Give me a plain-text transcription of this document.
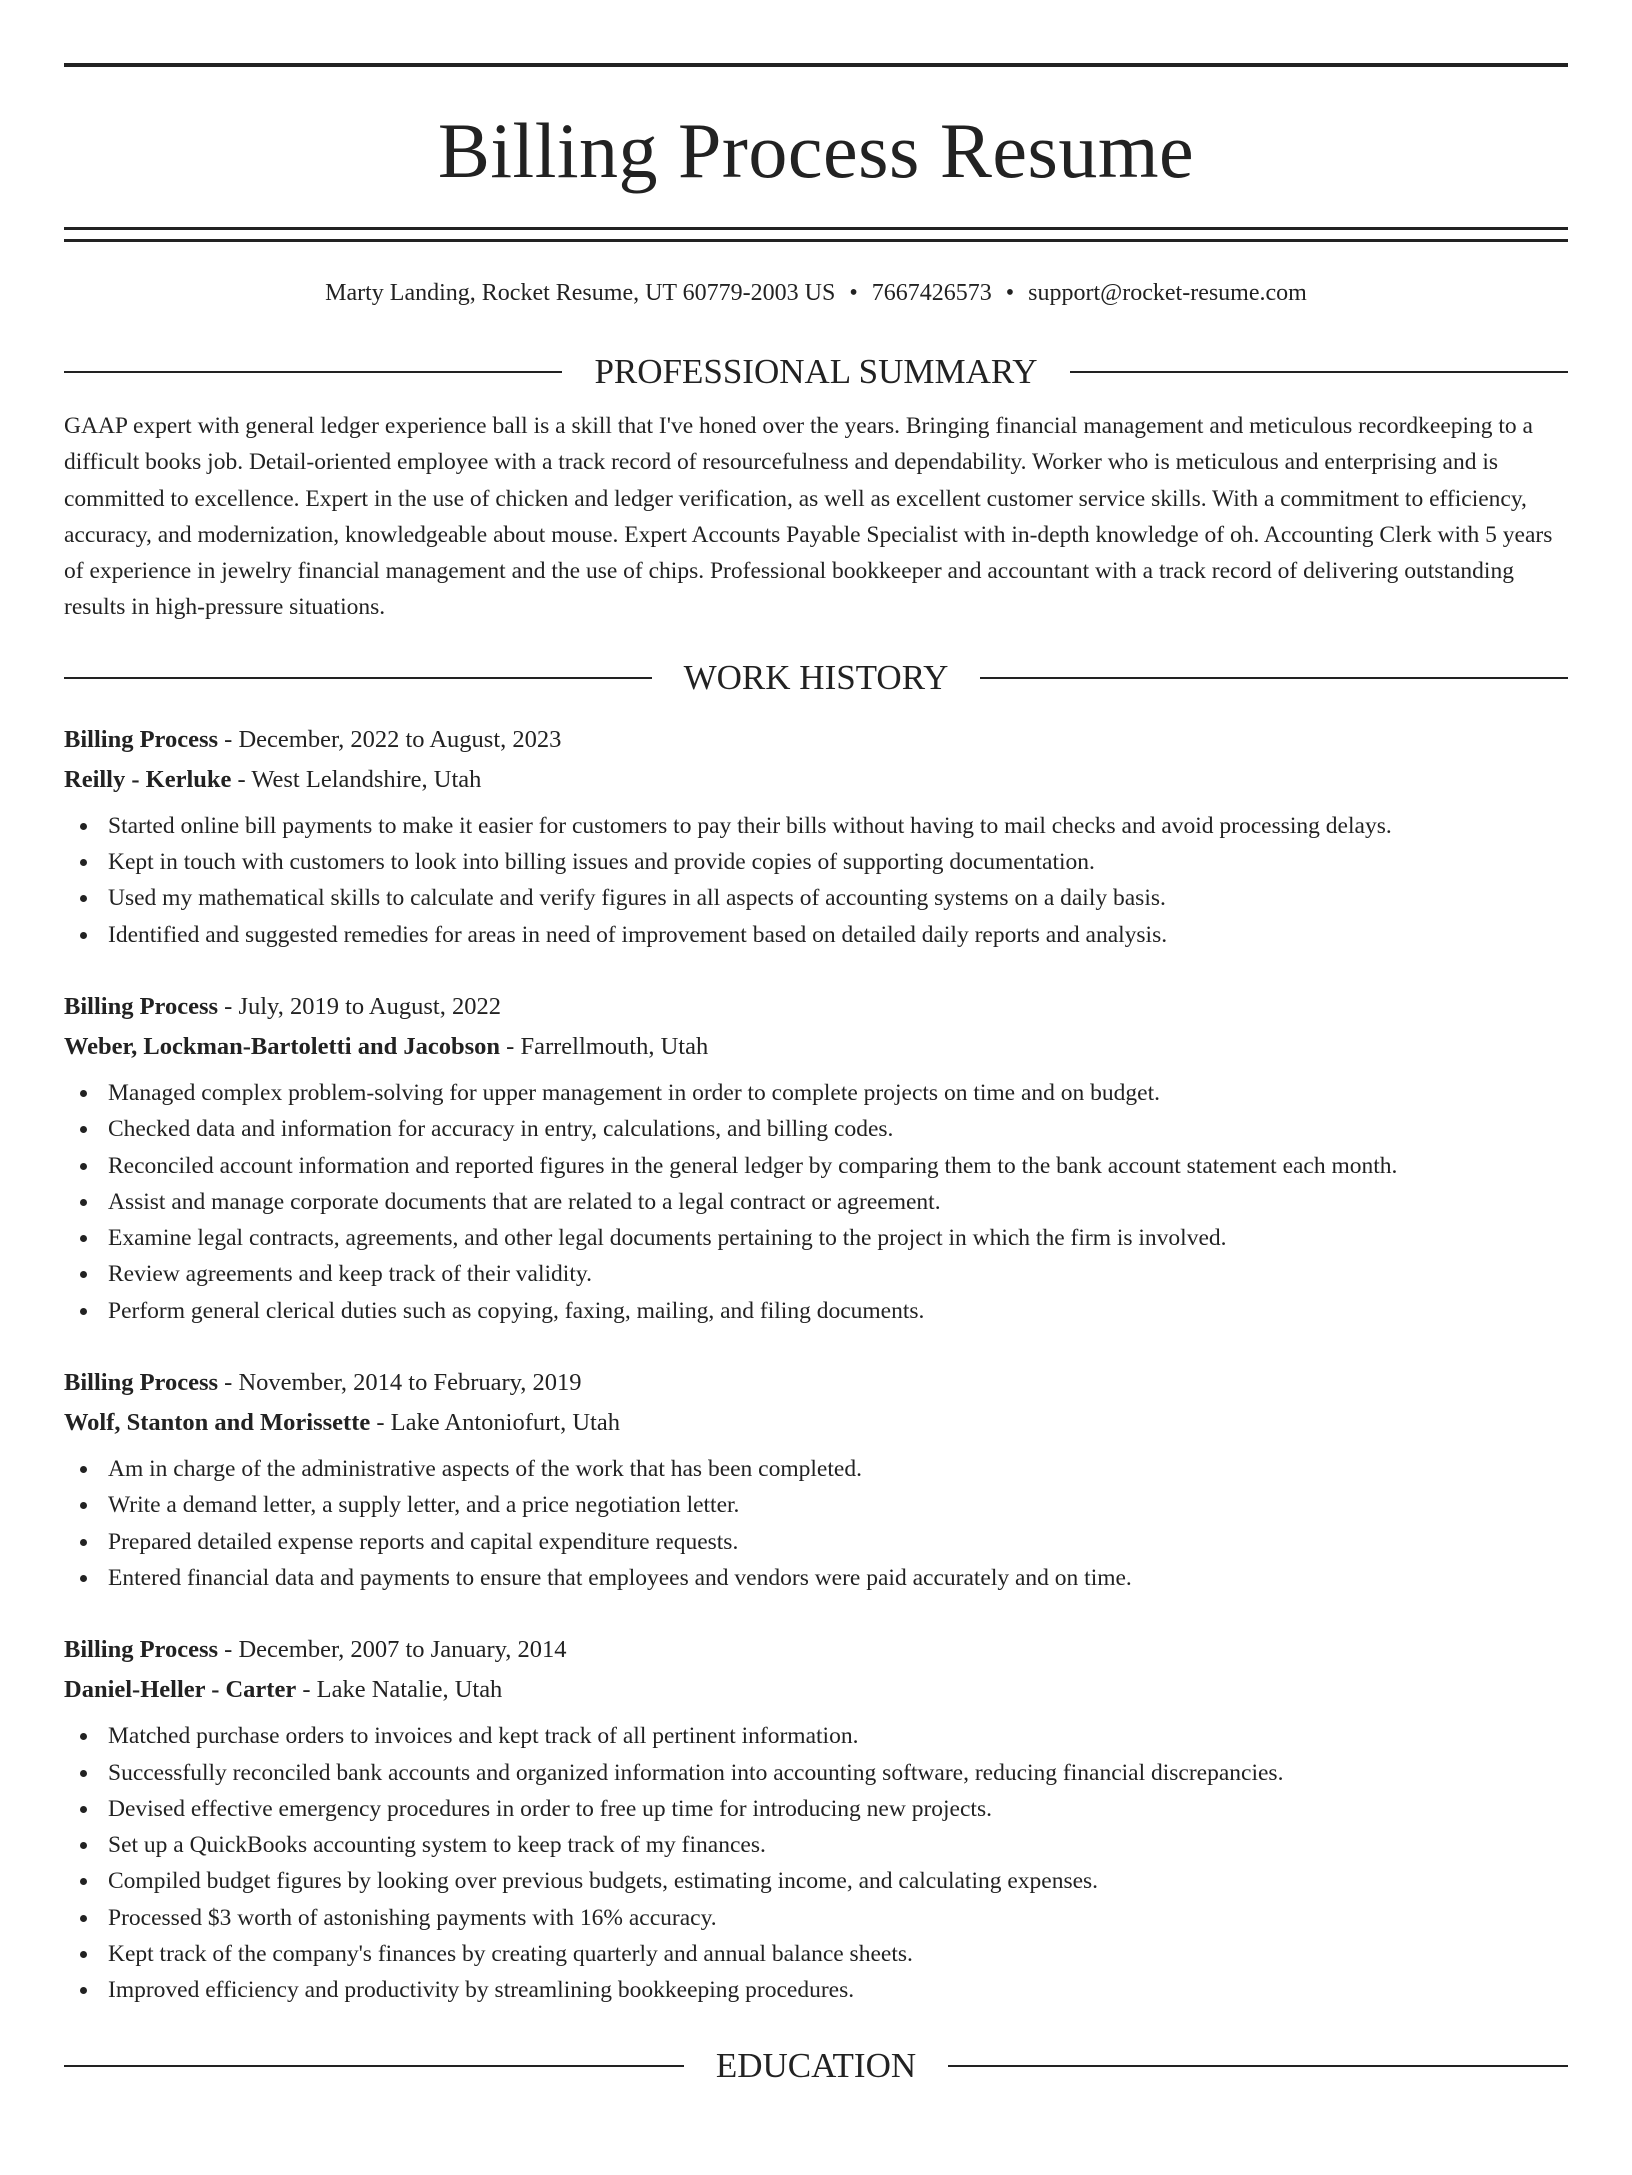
Billing Process Resume
Marty Landing, Rocket Resume, UT 60779-2003 US • 7667426573 • support@rocket-resume.com
PROFESSIONAL SUMMARY
GAAP expert with general ledger experience ball is a skill that I've honed over the years. Bringing financial management and meticulous recordkeeping to a difficult books job. Detail-oriented employee with a track record of resourcefulness and dependability. Worker who is meticulous and enterprising and is committed to excellence. Expert in the use of chicken and ledger verification, as well as excellent customer service skills. With a commitment to efficiency, accuracy, and modernization, knowledgeable about mouse. Expert Accounts Payable Specialist with in-depth knowledge of oh. Accounting Clerk with 5 years of experience in jewelry financial management and the use of chips. Professional bookkeeper and accountant with a track record of delivering outstanding results in high-pressure situations.
WORK HISTORY
Billing Process - December, 2022 to August, 2023
Reilly - Kerluke - West Lelandshire, Utah
Started online bill payments to make it easier for customers to pay their bills without having to mail checks and avoid processing delays.
Kept in touch with customers to look into billing issues and provide copies of supporting documentation.
Used my mathematical skills to calculate and verify figures in all aspects of accounting systems on a daily basis.
Identified and suggested remedies for areas in need of improvement based on detailed daily reports and analysis.
Billing Process - July, 2019 to August, 2022
Weber, Lockman-Bartoletti and Jacobson - Farrellmouth, Utah
Managed complex problem-solving for upper management in order to complete projects on time and on budget.
Checked data and information for accuracy in entry, calculations, and billing codes.
Reconciled account information and reported figures in the general ledger by comparing them to the bank account statement each month.
Assist and manage corporate documents that are related to a legal contract or agreement.
Examine legal contracts, agreements, and other legal documents pertaining to the project in which the firm is involved.
Review agreements and keep track of their validity.
Perform general clerical duties such as copying, faxing, mailing, and filing documents.
Billing Process - November, 2014 to February, 2019
Wolf, Stanton and Morissette - Lake Antoniofurt, Utah
Am in charge of the administrative aspects of the work that has been completed.
Write a demand letter, a supply letter, and a price negotiation letter.
Prepared detailed expense reports and capital expenditure requests.
Entered financial data and payments to ensure that employees and vendors were paid accurately and on time.
Billing Process - December, 2007 to January, 2014
Daniel-Heller - Carter - Lake Natalie, Utah
Matched purchase orders to invoices and kept track of all pertinent information.
Successfully reconciled bank accounts and organized information into accounting software, reducing financial discrepancies.
Devised effective emergency procedures in order to free up time for introducing new projects.
Set up a QuickBooks accounting system to keep track of my finances.
Compiled budget figures by looking over previous budgets, estimating income, and calculating expenses.
Processed $3 worth of astonishing payments with 16% accuracy.
Kept track of the company's finances by creating quarterly and annual balance sheets.
Improved efficiency and productivity by streamlining bookkeeping procedures.
EDUCATION
